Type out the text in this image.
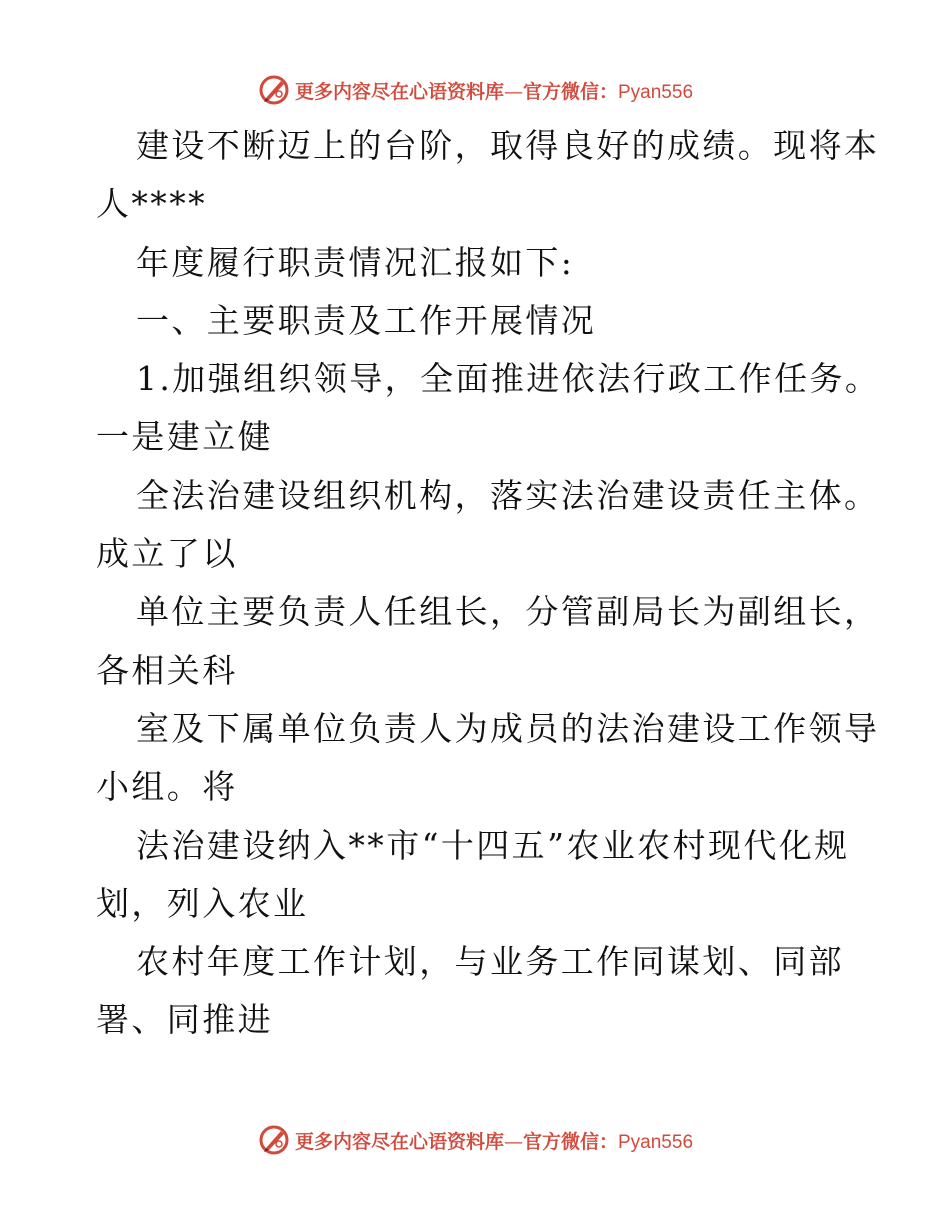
更多内容尽在心语资料库—官方微信：Pyan556
建设不断迈上的台阶，取得良好的成绩。现将本
人****
年度履行职责情况汇报如下:
一、主要职责及工作开展情况
1.加强组织领导，全面推进依法行政工作任务。
一是建立健
全法治建设组织机构，落实法治建设责任主体。
成立了以
单位主要负责人任组长，分管副局长为副组长，
各相关科
室及下属单位负责人为成员的法治建设工作领导
小组。将
法治建设纳入**市“十四五”农业农村现代化规
划，列入农业
农村年度工作计划，与业务工作同谋划、同部
署、同推进
更多内容尽在心语资料库—官方微信：Pyan556
